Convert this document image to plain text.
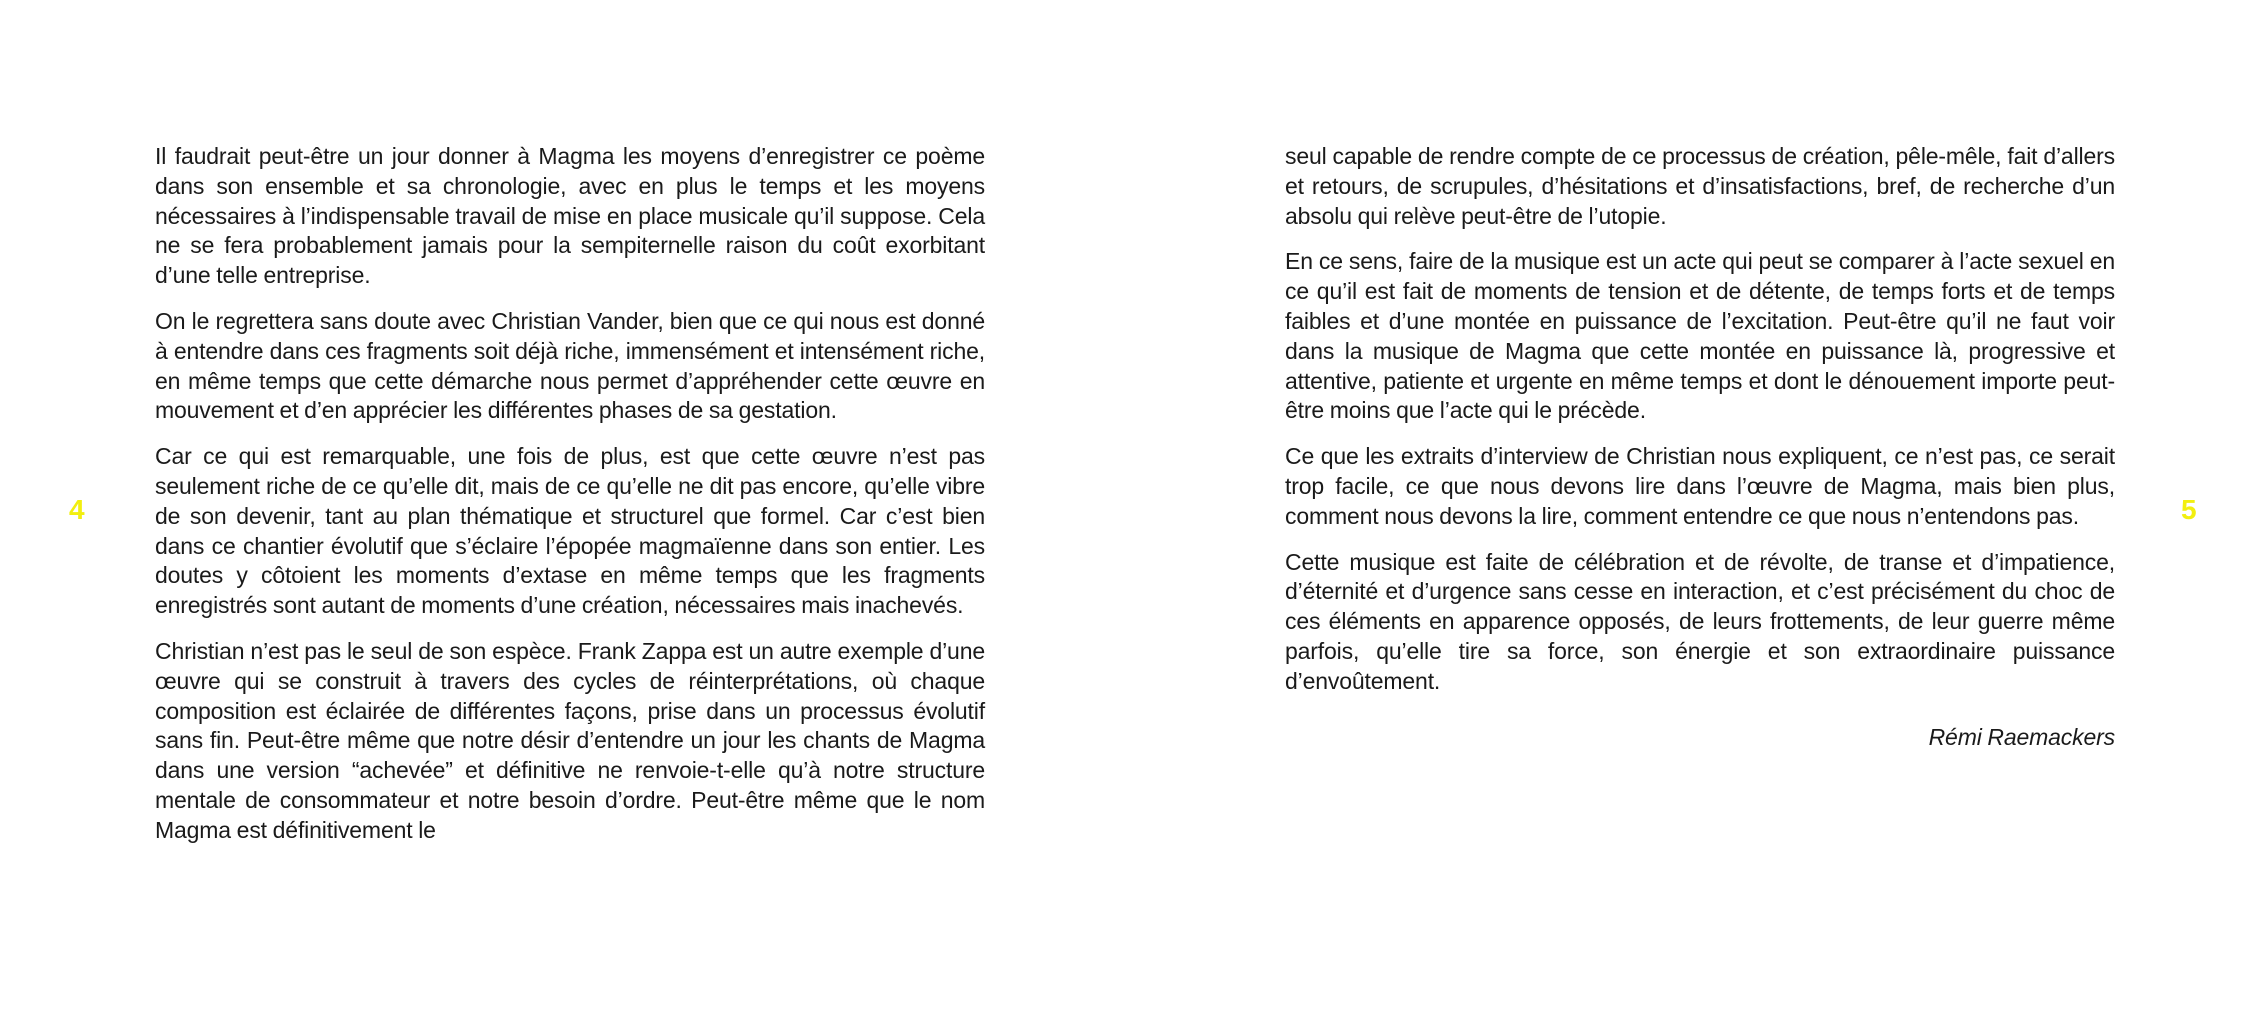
4

Il faudrait peut-être un jour donner à Magma les moyens d’enregistrer ce poème dans son ensemble et sa chronologie, avec en plus le temps et les moyens nécessaires à l’indispensable travail de mise en place musicale qu’il suppose. Cela ne se fera probablement jamais pour la sempiternelle raison du coût exorbitant d’une telle entreprise.

On le regrettera sans doute avec Christian Vander, bien que ce qui nous est donné à entendre dans ces fragments soit déjà riche, immensément et intensément riche, en même temps que cette démarche nous permet d’appréhender cette œuvre en mouvement et d’en apprécier les différentes phases de sa gestation.

Car ce qui est remarquable, une fois de plus, est que cette œuvre n’est pas seulement riche de ce qu’elle dit, mais de ce qu’elle ne dit pas encore, qu’elle vibre de son devenir, tant au plan thématique et structurel que formel. Car c’est bien dans ce chantier évolutif que s’éclaire l’épopée magmaïenne dans son entier. Les doutes y côtoient les moments d’extase en même temps que les fragments enregistrés sont autant de moments d’une création, nécessaires mais inachevés.

Christian n’est pas le seul de son espèce. Frank Zappa est un autre exemple d’une œuvre qui se construit à travers des cycles de réinterprétations, où chaque composition est éclairée de différentes façons, prise dans un processus évolutif sans fin. Peut-être même que notre désir d’entendre un jour les chants de Magma dans une version “achevée” et définitive ne renvoie-t-elle qu’à notre structure mentale de consommateur et notre besoin d’ordre. Peut-être même que le nom Magma est définitivement le

seul capable de rendre compte de ce processus de création, pêle-mêle, fait d’allers et retours, de scrupules, d’hésitations et d’insatisfactions, bref, de recherche d’un absolu qui relève peut-être de l’utopie.

En ce sens, faire de la musique est un acte qui peut se comparer à l’acte sexuel en ce qu’il est fait de moments de tension et de détente, de temps forts et de temps faibles et d’une montée en puissance de l’excitation. Peut-être qu’il ne faut voir dans la musique de Magma que cette montée en puissance là, progressive et attentive, patiente et urgente en même temps et dont le dénouement importe peut-être moins que l’acte qui le précède.

Ce que les extraits d’interview de Christian nous expliquent, ce n’est pas, ce serait trop facile, ce que nous devons lire dans l’œuvre de Magma, mais bien plus, comment nous devons la lire, comment entendre ce que nous n’entendons pas.

Cette musique est faite de célébration et de révolte, de transe et d’impatience, d’éternité et d’urgence sans cesse en interaction, et c’est précisément du choc de ces éléments en apparence opposés, de leurs frottements, de leur guerre même parfois, qu’elle tire sa force, son énergie et son extraordinaire puissance d’envoûtement.

Rémi Raemackers

5
